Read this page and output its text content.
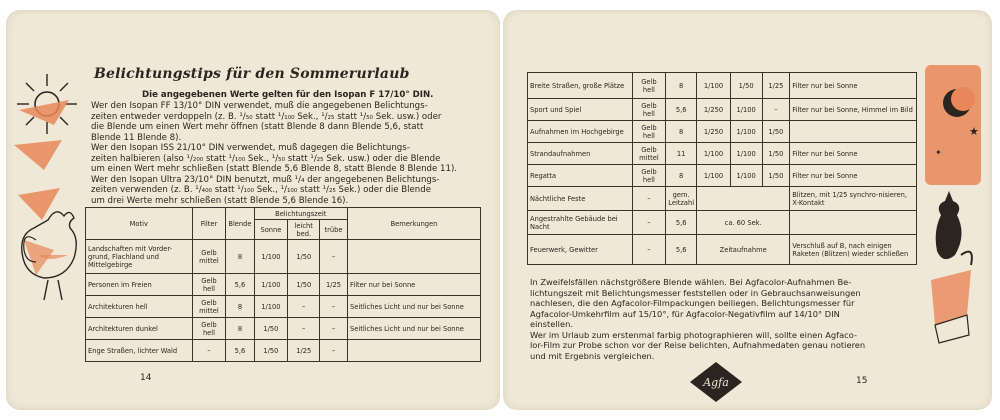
Belichtungstips für den Sommerurlaub
Die angegebenen Werte gelten für den Isopan F 17/10° DIN.
Wer den Isopan FF 13/10° DIN verwendet, muß die angegebenen Belichtungs-
zeiten entweder verdoppeln (z. B. ¹/₅₀ statt ¹/₁₀₀ Sek., ¹/₂₅ statt ¹/₅₀ Sek. usw.) oder
die Blende um einen Wert mehr öffnen (statt Blende 8 dann Blende 5,6, statt
Blende 11 Blende 8).
Wer den Isopan ISS 21/10° DIN verwendet, muß dagegen die Belichtungs-
zeiten halbieren (also ¹/₂₀₀ statt ¹/₁₀₀ Sek., ¹/₅₀ statt ¹/₂₅ Sek. usw.) oder die Blende
um einen Wert mehr schließen (statt Blende 5,6 Blende 8, statt Blende 8 Blende 11).
Wer den Isopan Ultra 23/10° DIN benutzt, muß ¹/₄ der angegebenen Belichtungs-
zeiten verwenden (z. B. ¹/₄₀₀ statt ¹/₁₀₀ Sek., ¹/₁₀₀ statt ¹/₂₅ Sek.) oder die Blende
um drei Werte mehr schließen (statt Blende 5,6 Blende 16).
Motiv	Filter	Blende	Belichtungszeit			Bemerkungen
			Sonne	leicht bed.	trübe	
Landschaften mit Vorder-grund, Flachland und Mittelgebirge	Gelb mittel	8	1/100	1/50	–	
Personen im Freien	Gelb hell	5,6	1/100	1/50	1/25	Filter nur bei Sonne
Architekturen hell	Gelb mittel	8	1/100	–	–	Seitliches Licht und nur bei Sonne
Architekturen dunkel	Gelb hell	8	1/50	–	–	Seitliches Licht und nur bei Sonne
Enge Straßen, lichter Wald	–	5,6	1/50	1/25	–	
14
Breite Straßen, große Plätze	Gelb hell	8	1/100	1/50	1/25	Filter nur bei Sonne
Sport und Spiel	Gelb hell	5,6	1/250	1/100	–	Filter nur bei Sonne, Himmel im Bild
Aufnahmen im Hochgebirge	Gelb hell	8	1/250	1/100	1/50	
Strandaufnahmen	Gelb mittel	11	1/100	1/100	1/50	Filter nur bei Sonne
Regatta	Gelb hell	8	1/100	1/100	1/50	Filter nur bei Sonne
Nächtliche Feste	–	gem. Leitzahl				Blitzen, mit 1/25 synchro-nisieren, X-Kontakt
Angestrahlte Gebäude bei Nacht	–	5,6	ca. 60 Sek.			
Feuerwerk, Gewitter	–	5,6	Zeitaufnahme			Verschluß auf B, nach einigen Raketen (Blitzen) wieder schließen
In Zweifelsfällen nächstgrößere Blende wählen. Bei Agfacolor-Aufnahmen Be-
lichtungszeit mit Belichtungsmesser feststellen oder in Gebrauchsanweisungen
nachlesen, die den Agfacolor-Filmpackungen beiliegen. Belichtungsmesser für
Agfacolor-Umkehrfilm auf 15/10°, für Agfacolor-Negativfilm auf 14/10° DIN
einstellen.
Wer im Urlaub zum erstenmal farbig photographieren will, sollte einen Agfaco-
lor-Film zur Probe schon vor der Reise belichten, Aufnahmedaten genau notieren
und mit Ergebnis vergleichen.
★
✦
Agfa	15
